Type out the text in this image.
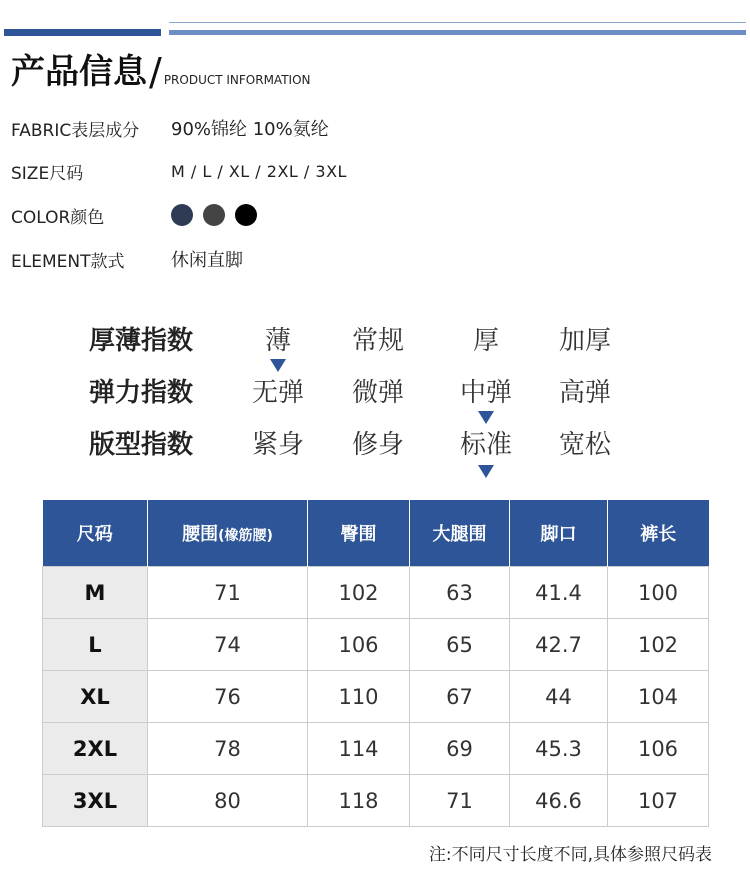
产品信息 / PRODUCT INFORMATION
FABRIC表层成分	90%锦纶 10%氨纶
SIZE尺码	M / L / XL / 2XL / 3XL
COLOR颜色
ELEMENT款式	休闲直脚
厚薄指数	薄	常规	厚	加厚
弹力指数	无弹	微弹	中弹	高弹
版型指数	紧身	修身	标准	宽松
尺码	腰围(橡筋腰)	臀围	大腿围	脚口	裤长
M	71	102	63	41.4	100
L	74	106	65	42.7	102
XL	76	110	67	44	104
2XL	78	114	69	45.3	106
3XL	80	118	71	46.6	107
注:不同尺寸长度不同,具体参照尺码表
